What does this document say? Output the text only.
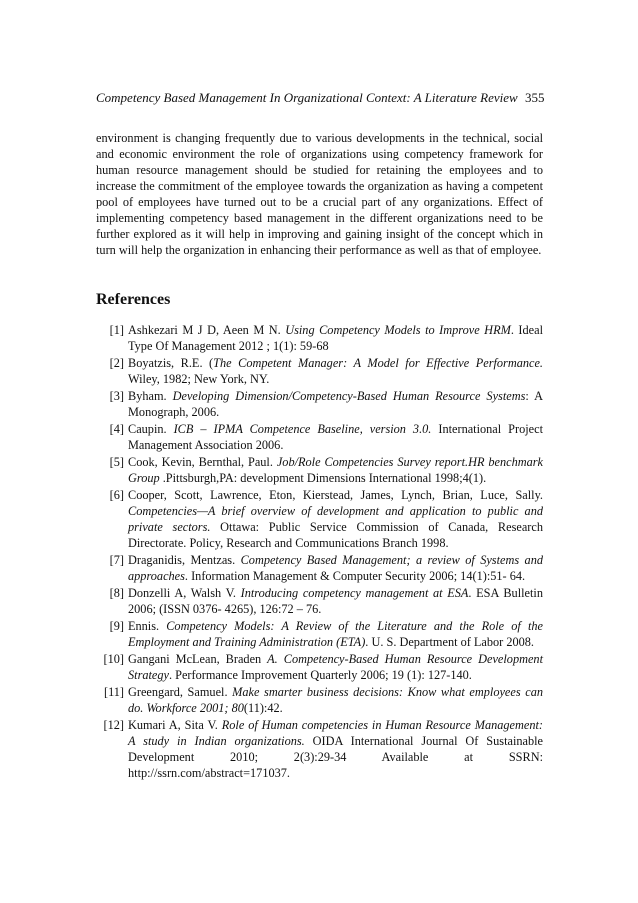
Competency Based Management In Organizational Context: A Literature Review 355

environment is changing frequently due to various developments in the technical, social and economic environment the role of organizations using competency framework for human resource management should be studied for retaining the employees and to increase the commitment of the employee towards the organization as having a competent pool of employees have turned out to be a crucial part of any organizations. Effect of implementing competency based management in the different organizations need to be further explored as it will help in improving and gaining insight of the concept which in turn will help the organization in enhancing their performance as well as that of employee.

References
[1] Ashkezari M J D, Aeen M N. Using Competency Models to Improve HRM. Ideal Type Of Management 2012 ; 1(1): 59-68
[2] Boyatzis, R.E. (The Competent Manager: A Model for Effective Performance. Wiley, 1982; New York, NY.
[3] Byham. Developing Dimension/Competency-Based Human Resource Systems: A Monograph, 2006.
[4] Caupin. ICB – IPMA Competence Baseline, version 3.0. International Project Management Association 2006.
[5] Cook, Kevin, Bernthal, Paul. Job/Role Competencies Survey report.HR benchmark Group .Pittsburgh,PA: development Dimensions International 1998;4(1).
[6] Cooper, Scott, Lawrence, Eton, Kierstead, James, Lynch, Brian, Luce, Sally. Competencies—A brief overview of development and application to public and private sectors. Ottawa: Public Service Commission of Canada, Research Directorate. Policy, Research and Communications Branch 1998.
[7] Draganidis, Mentzas. Competency Based Management; a review of Systems and approaches. Information Management & Computer Security 2006; 14(1):51- 64.
[8] Donzelli A, Walsh V. Introducing competency management at ESA. ESA Bulletin 2006; (ISSN 0376- 4265), 126:72 – 76.
[9] Ennis. Competency Models: A Review of the Literature and the Role of the Employment and Training Administration (ETA). U. S. Department of Labor 2008.
[10] Gangani McLean, Braden A. Competency-Based Human Resource Development Strategy. Performance Improvement Quarterly 2006; 19 (1): 127-140.
[11] Greengard, Samuel. Make smarter business decisions: Know what employees can do. Workforce 2001; 80(11):42.
[12] Kumari A, Sita V. Role of Human competencies in Human Resource Management: A study in Indian organizations. OIDA International Journal Of Sustainable Development 2010; 2(3):29-34 Available at SSRN: http://ssrn.com/abstract=171037.
